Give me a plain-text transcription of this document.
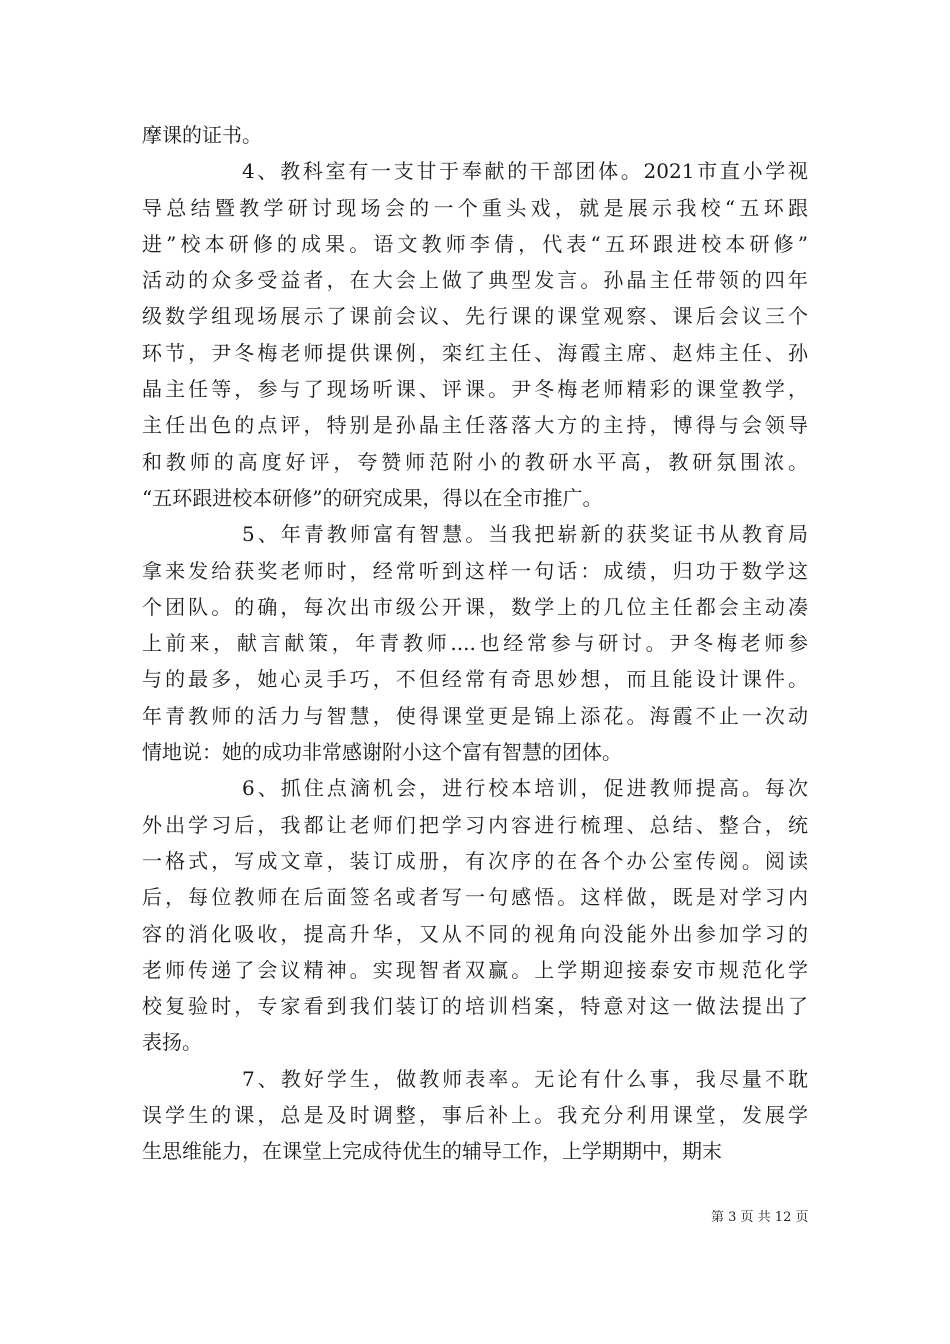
摩课的证书。
4、教科室有一支甘于奉献的干部团体。2021市直小学视
导总结暨教学研讨现场会的一个重头戏，就是展示我校“五环跟
进”校本研修的成果。语文教师李倩，代表“五环跟进校本研修”
活动的众多受益者，在大会上做了典型发言。孙晶主任带领的四年
级数学组现场展示了课前会议、先行课的课堂观察、课后会议三个
环节，尹冬梅老师提供课例，栾红主任、海霞主席、赵炜主任、孙
晶主任等，参与了现场听课、评课。尹冬梅老师精彩的课堂教学，
主任出色的点评，特别是孙晶主任落落大方的主持，博得与会领导
和教师的高度好评，夸赞师范附小的教研水平高，教研氛围浓。
“五环跟进校本研修”的研究成果，得以在全市推广。
5、年青教师富有智慧。当我把崭新的获奖证书从教育局
拿来发给获奖老师时，经常听到这样一句话：成绩，归功于数学这
个团队。的确，每次出市级公开课，数学上的几位主任都会主动凑
上前来，献言献策，年青教师....也经常参与研讨。尹冬梅老师参
与的最多，她心灵手巧，不但经常有奇思妙想，而且能设计课件。
年青教师的活力与智慧，使得课堂更是锦上添花。海霞不止一次动
情地说：她的成功非常感谢附小这个富有智慧的团体。
6、抓住点滴机会，进行校本培训，促进教师提高。每次
外出学习后，我都让老师们把学习内容进行梳理、总结、整合，统
一格式，写成文章，装订成册，有次序的在各个办公室传阅。阅读
后，每位教师在后面签名或者写一句感悟。这样做，既是对学习内
容的消化吸收，提高升华，又从不同的视角向没能外出参加学习的
老师传递了会议精神。实现智者双赢。上学期迎接泰安市规范化学
校复验时，专家看到我们装订的培训档案，特意对这一做法提出了
表扬。
7、教好学生，做教师表率。无论有什么事，我尽量不耽
误学生的课，总是及时调整，事后补上。我充分利用课堂，发展学
生思维能力，在课堂上完成待优生的辅导工作，上学期期中，期末
第 3 页 共 12 页
